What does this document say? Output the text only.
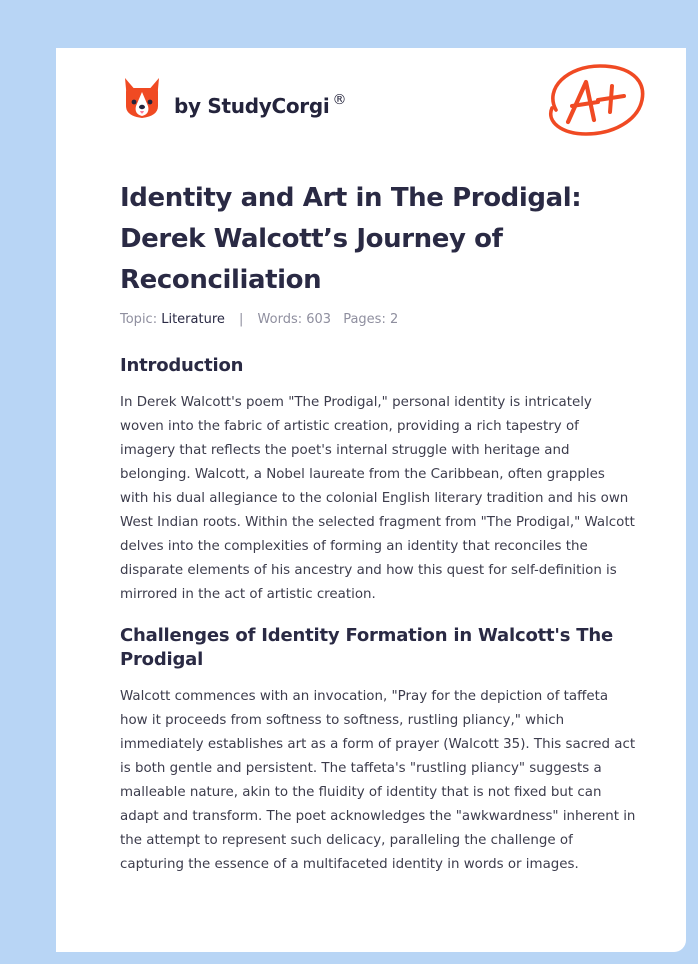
by StudyCorgi ®
Identity and Art in The Prodigal: Derek Walcott’s Journey of Reconciliation
Topic: Literature | Words: 603 Pages: 2
Introduction

In Derek Walcott's poem "The Prodigal," personal identity is intricately woven into the fabric of artistic creation, providing a rich tapestry of imagery that reflects the poet's internal struggle with heritage and belonging. Walcott, a Nobel laureate from the Caribbean, often grapples with his dual allegiance to the colonial English literary tradition and his own West Indian roots. Within the selected fragment from "The Prodigal," Walcott delves into the complexities of forming an identity that reconciles the disparate elements of his ancestry and how this quest for self-definition is mirrored in the act of artistic creation.

Challenges of Identity Formation in Walcott's The Prodigal

Walcott commences with an invocation, "Pray for the depiction of taffeta how it proceeds from softness to softness, rustling pliancy," which immediately establishes art as a form of prayer (Walcott 35). This sacred act is both gentle and persistent. The taffeta's "rustling pliancy" suggests a malleable nature, akin to the fluidity of identity that is not fixed but can adapt and transform. The poet acknowledges the "awkwardness" inherent in the attempt to represent such delicacy, paralleling the challenge of capturing the essence of a multifaceted identity in words or images.
